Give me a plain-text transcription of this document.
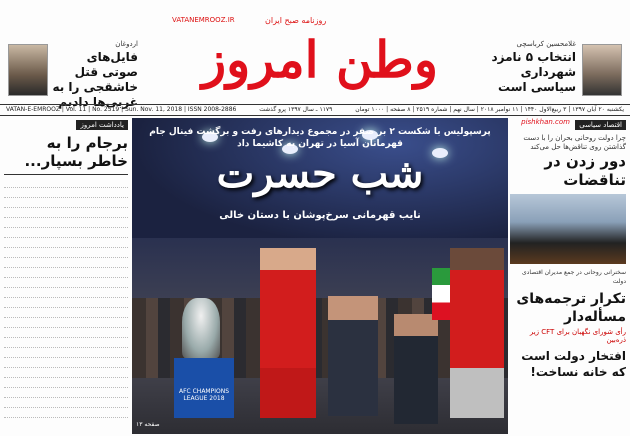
اردوغان
فایل‌های صوتی قتل خاشقجی را به غربی‌ها دادیم
روزنامه صبح ایران
VATANEMROOZ.IR
وطن امروز	غلامحسین کرباسچی
انتخاب ۵ نامزد شهرداری سیاسی است
VATAN-E-EMROOZ | Vol. 11 | No. 2519 | Sun. Nov. 11, 2018 | ISSN 2008-2886	۱۱۷۹ ـ سال ۱۳۹۷ پرو گذشت	یکشنبه ۲۰ آبان ۱۳۹۷ | ۳ ربیع‌الاول ۱۴۴۰ | ۱۱ نوامبر ۲۰۱۸ | سال نهم | شماره ۲۵۱۹ | ۸ صفحه | ۱۰۰۰ تومان
یادداشت امروز
برجام را به خاطر بسپار...
پرسپولیس با شکست ۲ بر صفر در مجموع دیدارهای رفت و برگشت فینال جام قهرمانان آسیا در تهران به کاشیما داد
شب حسرت
نایب قهرمانی سرخ‌پوشان با دستان خالی
AFC CHAMPIONS LEAGUE 2018
صفحه ۱۳
pishkhan.com	اقتصاد سیاسی
چرا دولت روحانی بحران را با دست گذاشتن روی تناقض‌ها حل می‌کند
دور زدن در تناقضات
سخنرانی روحانی در جمع مدیران اقتصادی دولت
تکرار ترجمه‌های مسأله‌دار
رأی شورای نگهبان برای CFT زیر ذره‌بین
افتخار دولت است که خانه نساخت!
